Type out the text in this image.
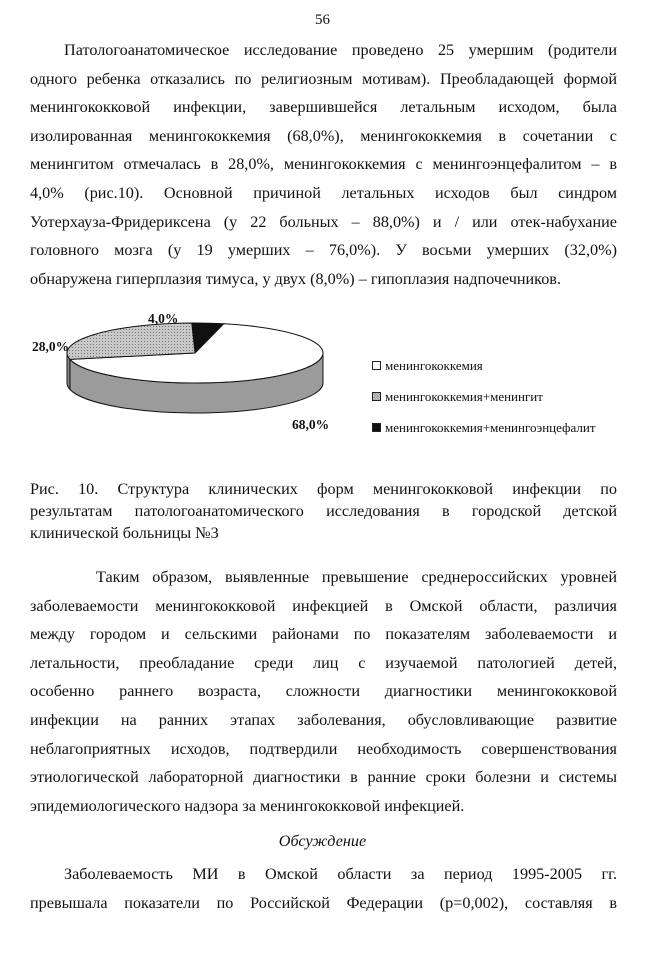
56
Патологоанатомическое исследование проведено 25 умершим (родители
одного ребенка отказались по религиозным мотивам). Преобладающей формой
менингококковой инфекции, завершившейся летальным исходом, была
изолированная менингококкемия (68,0%), менингококкемия в сочетании с
менингитом отмечалась в 28,0%, менингококкемия с менингоэнцефалитом – в
4,0% (рис.10). Основной причиной летальных исходов был синдром
Уотерхауза-Фридериксена (у 22 больных – 88,0%) и / или отек-набухание
головного мозга (у 19 умерших – 76,0%). У восьми умерших (32,0%)
обнаружена гиперплазия тимуса, у двух (8,0%) – гипоплазия надпочечников.
68,0%
28,0%
4,0%
менингококкемия
менингококкемия+менингит
менингококкемия+менингоэнцефалит
Рис. 10. Структура клинических форм менингококковой инфекции по
результатам патологоанатомического исследования в городской детской
клинической больницы №3
Таким образом, выявленные превышение среднероссийских уровней
заболеваемости менингококковой инфекцией в Омской области, различия
между городом и сельскими районами по показателям заболеваемости и
летальности, преобладание среди лиц с изучаемой патологией детей,
особенно раннего возраста, сложности диагностики менингококковой
инфекции на ранних этапах заболевания, обусловливающие развитие
неблагоприятных исходов, подтвердили необходимость совершенствования
этиологической лабораторной диагностики в ранние сроки болезни и системы
эпидемиологического надзора за менингококковой инфекцией.
Обсуждение
Заболеваемость МИ в Омской области за период 1995-2005 гг.
превышала показатели по Российской Федерации (р=0,002), составляя в
